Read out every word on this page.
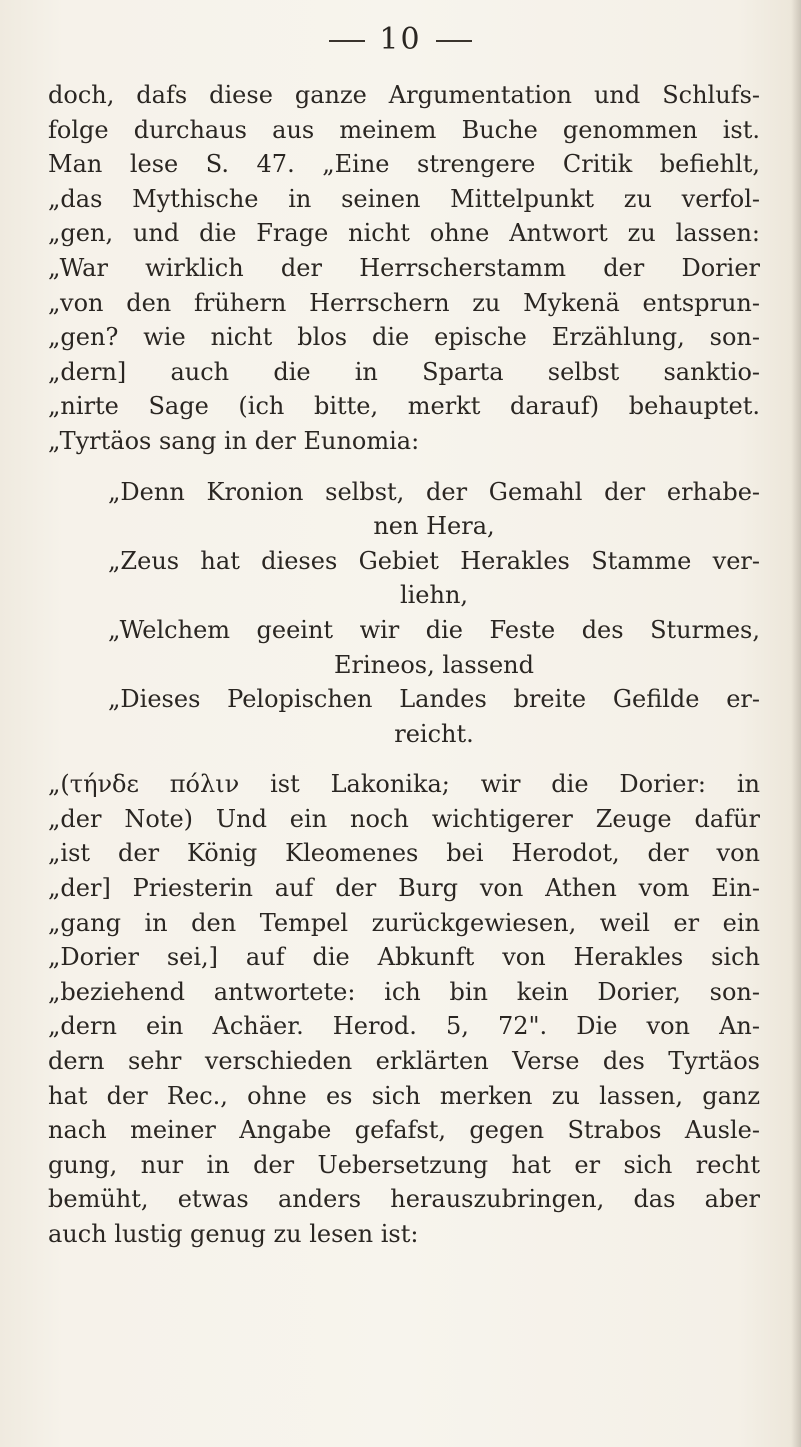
10
doch, dafs diese ganze Argumentation und Schlufs-
folge durchaus aus meinem Buche genommen ist.
Man lese S. 47. „Eine strengere Critik befiehlt,
„das Mythische in seinen Mittelpunkt zu verfol-
„gen, und die Frage nicht ohne Antwort zu lassen:
„War wirklich der Herrscherstamm der Dorier
„von den frühern Herrschern zu Mykenä entsprun-
„gen? wie nicht blos die epische Erzählung, son-
„dern] auch die in Sparta selbst sanktio-
„nirte Sage (ich bitte, merkt darauf) behauptet.
„Tyrtäos sang in der Eunomia:
„Denn Kronion selbst, der Gemahl der erhabe-
nen Hera,
„Zeus hat dieses Gebiet Herakles Stamme ver-
liehn,
„Welchem geeint wir die Feste des Sturmes,
Erineos, lassend
„Dieses Pelopischen Landes breite Gefilde er-
reicht.
„(τήνδε πόλιν ist Lakonika; wir die Dorier: in
„der Note) Und ein noch wichtigerer Zeuge dafür
„ist der König Kleomenes bei Herodot, der von
„der] Priesterin auf der Burg von Athen vom Ein-
„gang in den Tempel zurückgewiesen, weil er ein
„Dorier sei,] auf die Abkunft von Herakles sich
„beziehend antwortete: ich bin kein Dorier, son-
„dern ein Achäer. Herod. 5, 72". Die von An-
dern sehr verschieden erklärten Verse des Tyrtäos
hat der Rec., ohne es sich merken zu lassen, ganz
nach meiner Angabe gefafst, gegen Strabos Ausle-
gung, nur in der Uebersetzung hat er sich recht
bemüht, etwas anders herauszubringen, das aber
auch lustig genug zu lesen ist:
